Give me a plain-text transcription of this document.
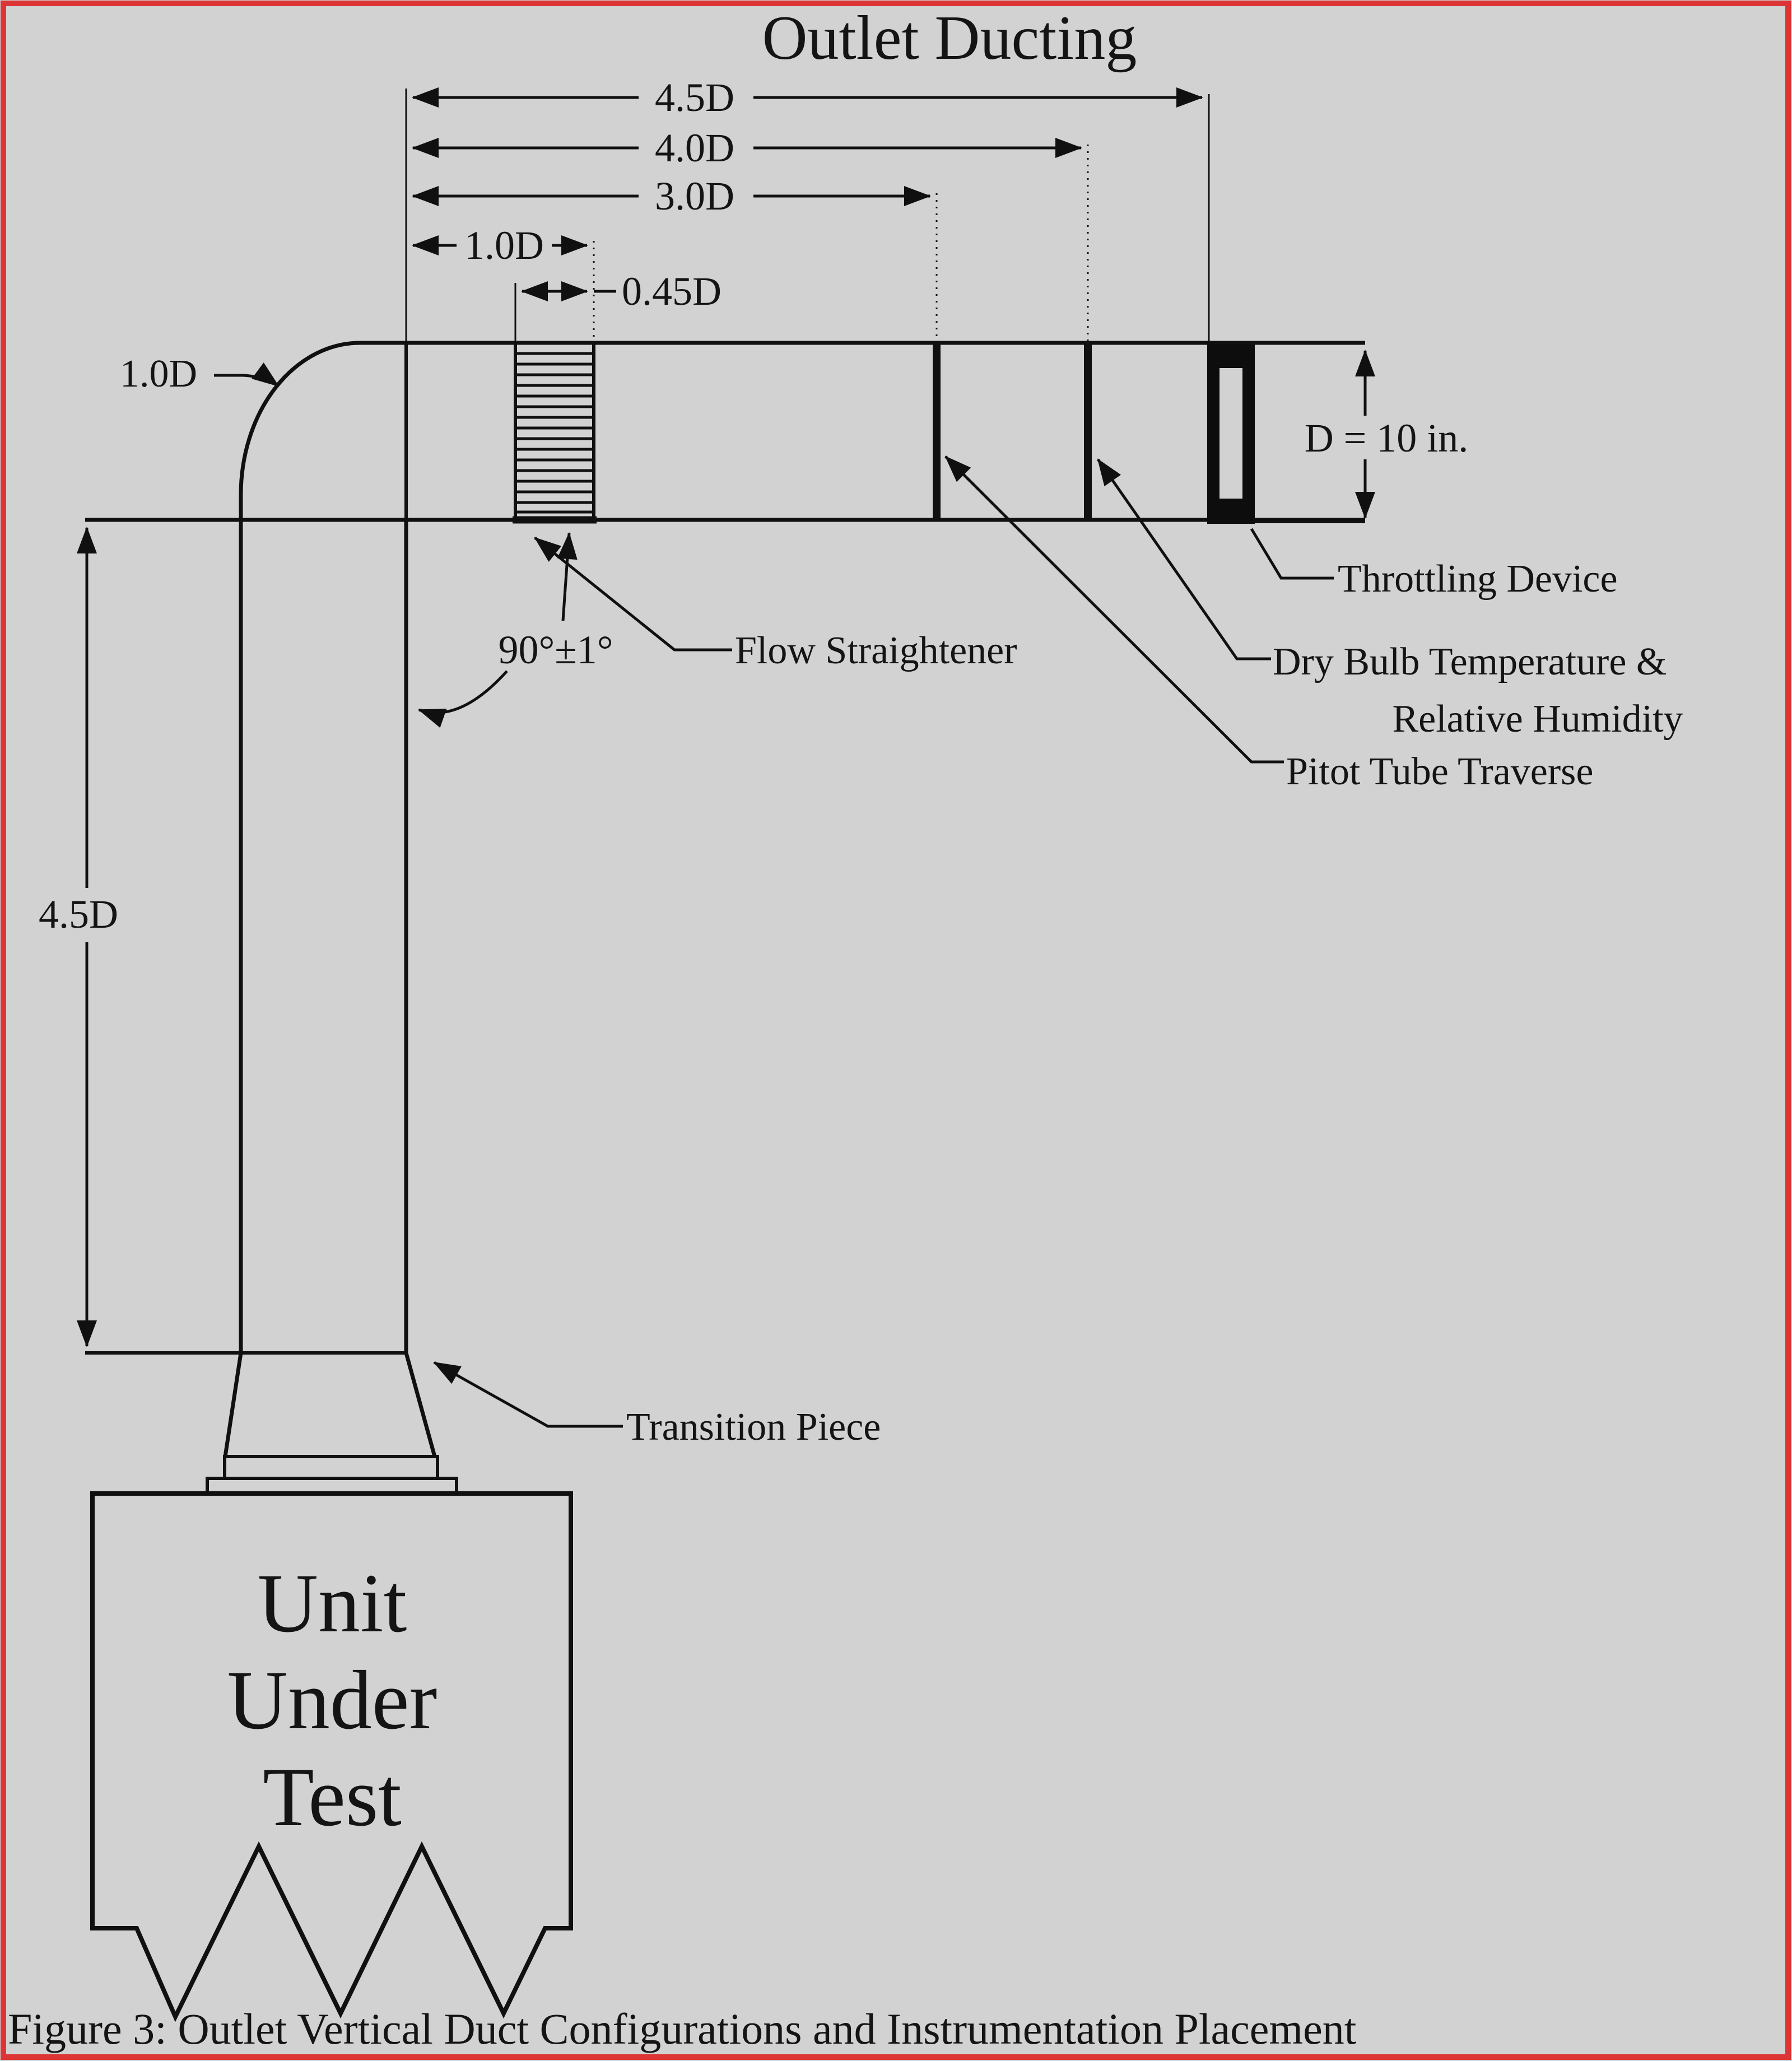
Outlet Ducting
4.5D
4.0D
3.0D
1.0D
0.45D
4.5D
D = 10 in.
1.0D
90°±1°	Flow Straightener
Throttling Device
Dry Bulb Temperature &
Relative Humidity
Pitot Tube Traverse
Transition Piece
Unit
Under
Test
Figure 3: Outlet Vertical Duct Configurations and Instrumentation Placement
